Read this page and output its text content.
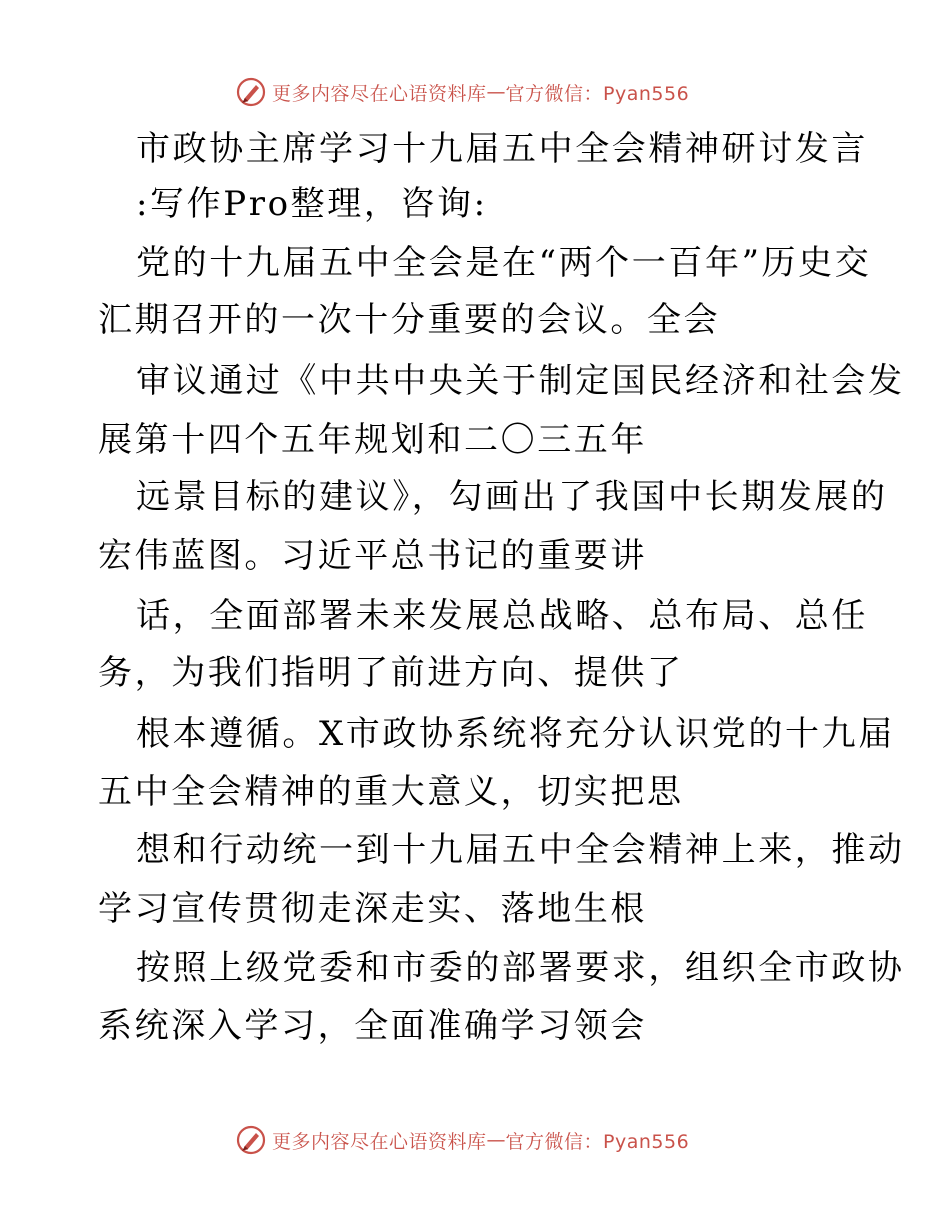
更多内容尽在心语资料库 — 官方微信：Pyan556
市政协主席学习十九届五中全会精神研讨发言
:写作Pro整理，咨询:
党的十九届五中全会是在“两个一百年”历史交
汇期召开的一次十分重要的会议。全会
审议通过《中共中央关于制定国民经济和社会发
展第十四个五年规划和二〇三五年
远景目标的建议》，勾画出了我国中长期发展的
宏伟蓝图。习近平总书记的重要讲
话，全面部署未来发展总战略、总布局、总任
务，为我们指明了前进方向、提供了
根本遵循。X市政协系统将充分认识党的十九届
五中全会精神的重大意义，切实把思
想和行动统一到十九届五中全会精神上来，推动
学习宣传贯彻走深走实、落地生根
按照上级党委和市委的部署要求，组织全市政协
系统深入学习，全面准确学习领会
更多内容尽在心语资料库 — 官方微信：Pyan556
